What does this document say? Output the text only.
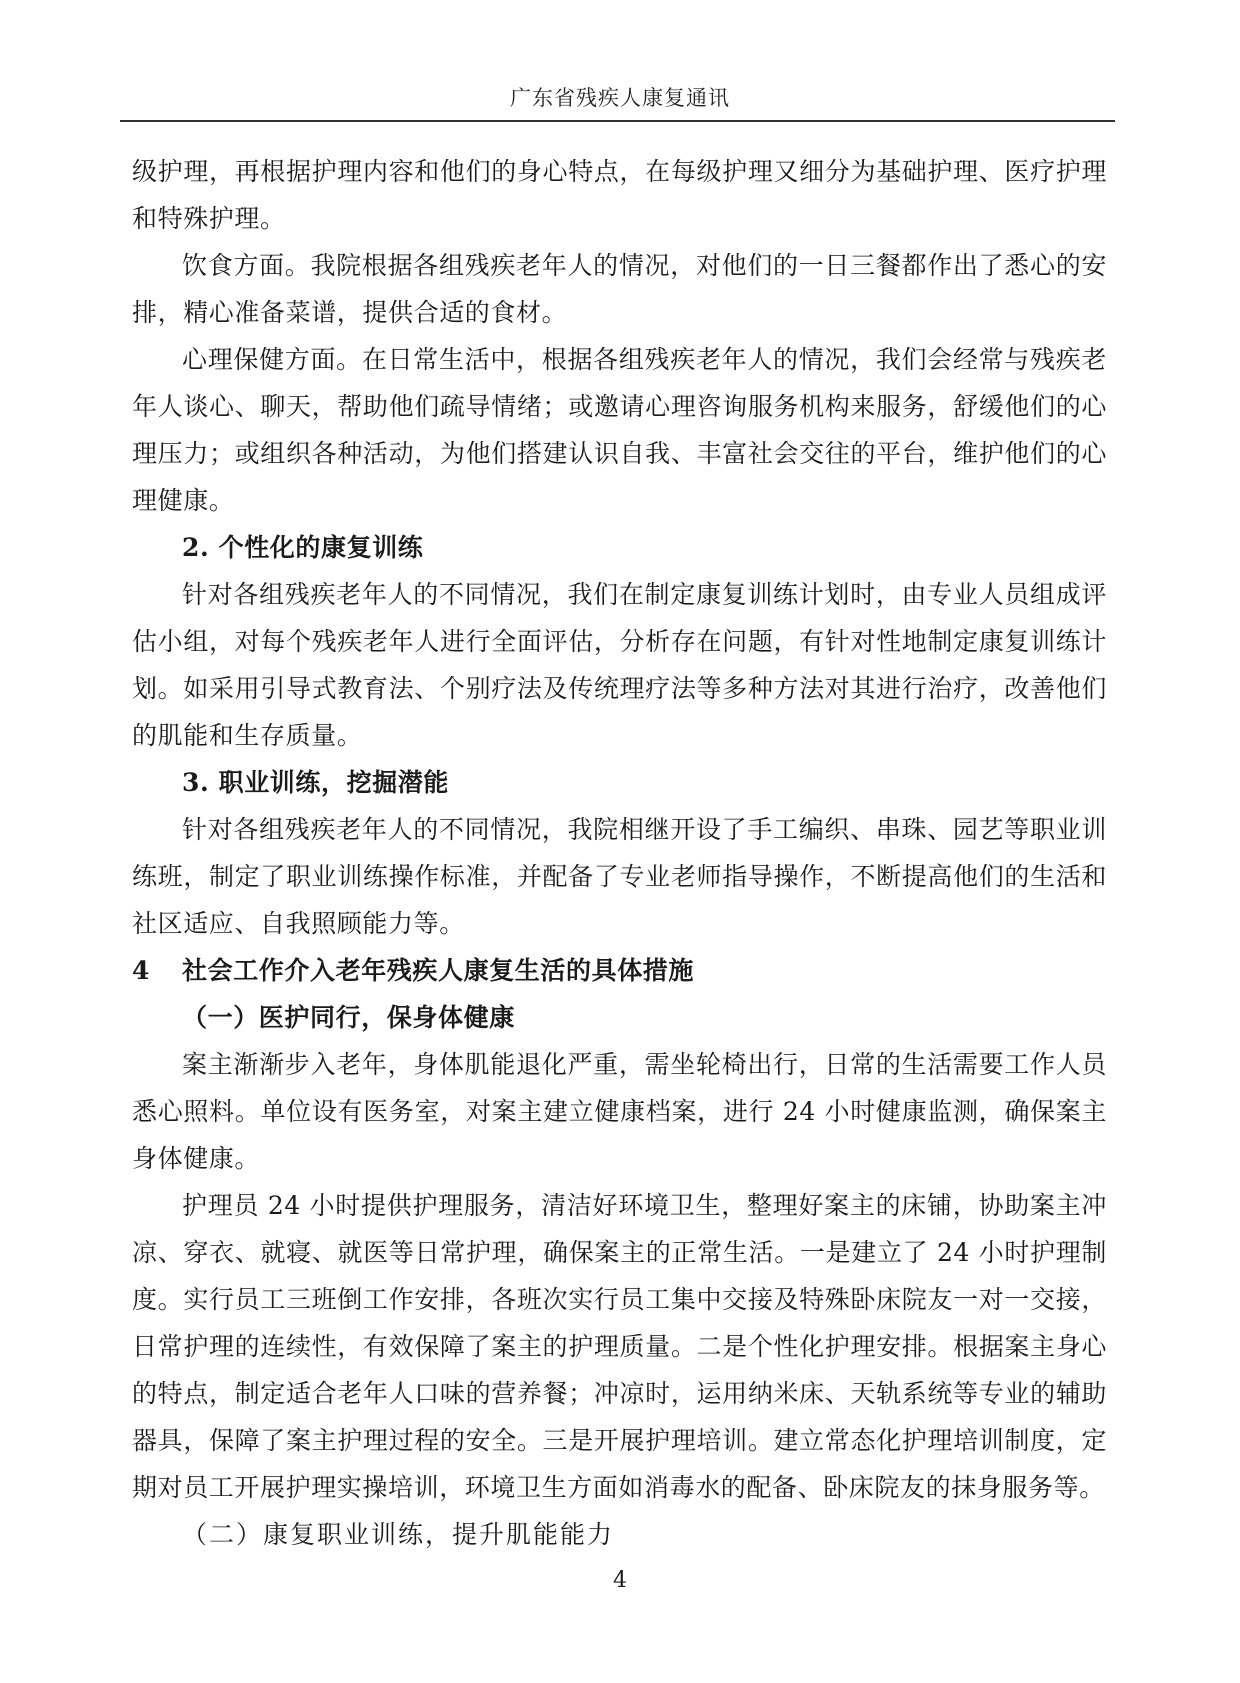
广东省残疾人康复通讯

级护理，再根据护理内容和他们的身心特点，在每级护理又细分为基础护理、医疗护理和特殊护理。

饮食方面。我院根据各组残疾老年人的情况，对他们的一日三餐都作出了悉心的安排，精心准备菜谱，提供合适的食材。

心理保健方面。在日常生活中，根据各组残疾老年人的情况，我们会经常与残疾老年人谈心、聊天，帮助他们疏导情绪；或邀请心理咨询服务机构来服务，舒缓他们的心理压力；或组织各种活动，为他们搭建认识自我、丰富社会交往的平台，维护他们的心理健康。

2. 个性化的康复训练

针对各组残疾老年人的不同情况，我们在制定康复训练计划时，由专业人员组成评估小组，对每个残疾老年人进行全面评估，分析存在问题，有针对性地制定康复训练计划。如采用引导式教育法、个别疗法及传统理疗法等多种方法对其进行治疗，改善他们的肌能和生存质量。

3. 职业训练，挖掘潜能

针对各组残疾老年人的不同情况，我院相继开设了手工编织、串珠、园艺等职业训练班，制定了职业训练操作标准，并配备了专业老师指导操作，不断提高他们的生活和社区适应、自我照顾能力等。

4	社会工作介入老年残疾人康复生活的具体措施

（一）医护同行，保身体健康

案主渐渐步入老年，身体肌能退化严重，需坐轮椅出行，日常的生活需要工作人员悉心照料。单位设有医务室，对案主建立健康档案，进行 24 小时健康监测，确保案主身体健康。

护理员 24 小时提供护理服务，清洁好环境卫生，整理好案主的床铺，协助案主冲凉、穿衣、就寝、就医等日常护理，确保案主的正常生活。一是建立了 24 小时护理制度。实行员工三班倒工作安排，各班次实行员工集中交接及特殊卧床院友一对一交接，日常护理的连续性，有效保障了案主的护理质量。二是个性化护理安排。根据案主身心的特点，制定适合老年人口味的营养餐；冲凉时，运用纳米床、天轨系统等专业的辅助器具，保障了案主护理过程的安全。三是开展护理培训。建立常态化护理培训制度，定期对员工开展护理实操培训，环境卫生方面如消毒水的配备、卧床院友的抹身服务等。

（二）康复职业训练，提升肌能能力

4
